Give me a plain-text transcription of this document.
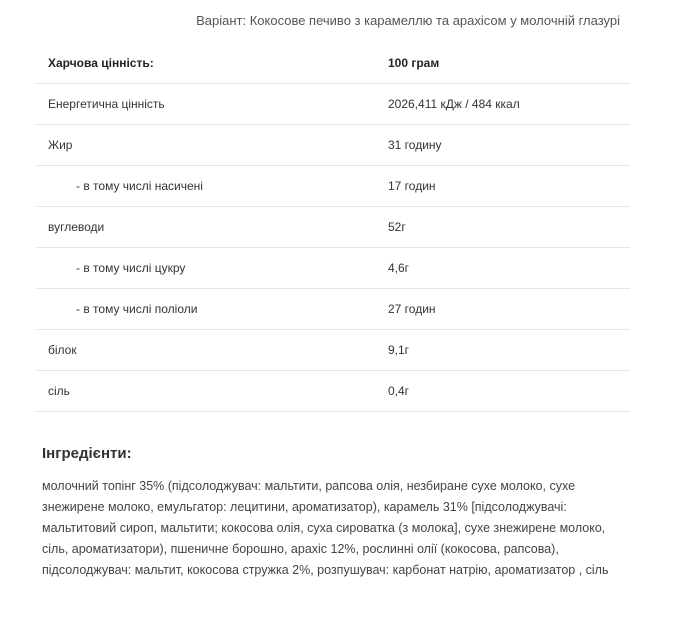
Варіант: Кокосове печиво з карамеллю та арахісом у молочній глазурі
Харчова цінність:	100 грам
Енергетична цінність	2026,411 кДж / 484 ккал
Жир	31 годину
- в тому числі насичені	17 годин
вуглеводи	52г
- в тому числі цукру	4,6г
- в тому числі поліоли	27 годин
білок	9,1г
сіль	0,4г
Інгредієнти:

молочний топінг 35% (підсолоджувач: мальтити, рапсова олія, незбиране сухе молоко, сухе знежирене молоко, емульгатор: лецитини, ароматизатор), карамель 31% [підсолоджувачі: мальтитовий сироп, мальтити; кокосова олія, суха сироватка (з молока], сухе знежирене молоко, сіль, ароматизатори), пшеничне борошно, арахіс 12%, рослинні олії (кокосова, рапсова), підсолоджувач: мальтит, кокосова стружка 2%, розпушувач: карбонат натрію, ароматизатор , сіль
